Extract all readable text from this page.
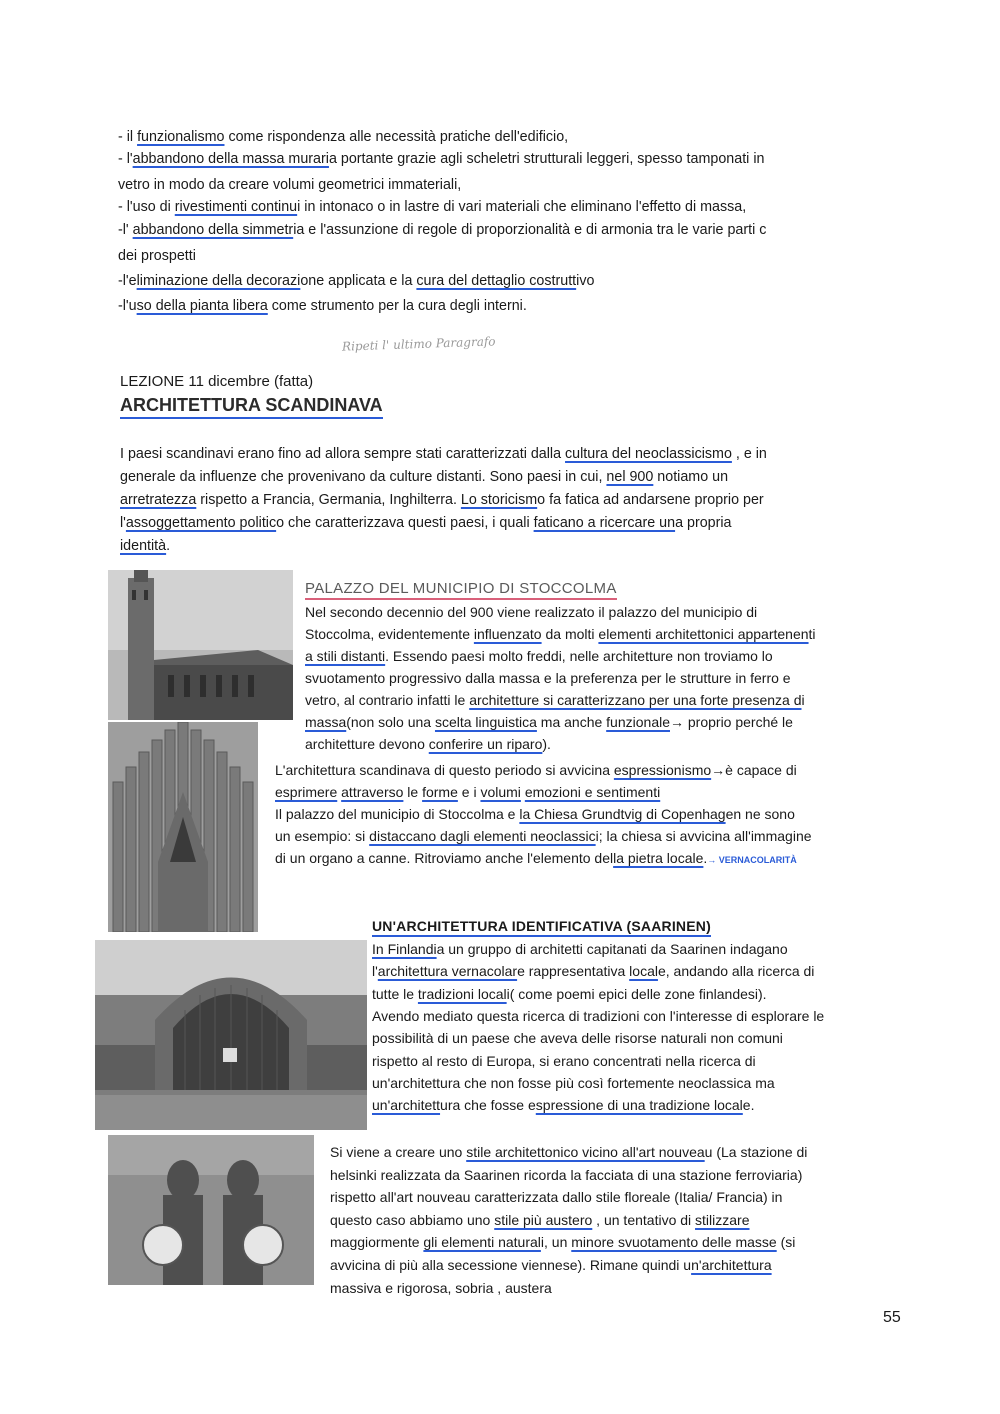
- il funzionalismo come rispondenza alle necessità pratiche dell'edificio,
- l'abbandono della massa muraria portante grazie agli scheletri strutturali leggeri, spesso tamponati in
vetro in modo da creare volumi geometrici immateriali,
- l'uso di rivestimenti continui in intonaco o in lastre di vari materiali che eliminano l'effetto di massa,
-l' abbandono della simmetria e l'assunzione di regole di proporzionalità e di armonia tra le varie parti c
dei prospetti
-l'eliminazione della decorazione applicata e la cura del dettaglio costruttivo
-l'uso della pianta libera come strumento per la cura degli interni.
Ripeti l' ultimo Paragrafo
LEZIONE 11 dicembre (fatta)
ARCHITETTURA SCANDINAVA
I paesi scandinavi erano fino ad allora sempre stati caratterizzati dalla cultura del neoclassicismo , e in
generale da influenze che provenivano da culture distanti. Sono paesi in cui, nel 900 notiamo un
arretratezza rispetto a Francia, Germania, Inghilterra. Lo storicismo fa fatica ad andarsene proprio per
l'assoggettamento politico che caratterizzava questi paesi, i quali faticano a ricercare una propria
identità.
PALAZZO DEL MUNICIPIO DI STOCCOLMA
Nel secondo decennio del 900 viene realizzato il palazzo del municipio di
Stoccolma, evidentemente influenzato da molti elementi architettonici appartenenti
a stili distanti. Essendo paesi molto freddi, nelle architetture non troviamo lo
svuotamento progressivo dalla massa e la preferenza per le strutture in ferro e
vetro, al contrario infatti le architetture si caratterizzano per una forte presenza di
massa(non solo una scelta linguistica ma anche funzionale→ proprio perché le
architetture devono conferire un riparo).
L'architettura scandinava di questo periodo si avvicina espressionismo→è capace di
esprimere attraverso le forme e i volumi emozioni e sentimenti
Il palazzo del municipio di Stoccolma e la Chiesa Grundtvig di Copenhagen ne sono
un esempio: si distaccano dagli elementi neoclassici; la chiesa si avvicina all'immagine
di un organo a canne. Ritroviamo anche l'elemento della pietra locale.→ VERNACOLARITÀ
UN'ARCHITETTURA IDENTIFICATIVA (SAARINEN)
In Finlandia un gruppo di architetti capitanati da Saarinen indagano
l'architettura vernacolare rappresentativa locale, andando alla ricerca di
tutte le tradizioni locali( come poemi epici delle zone finlandesi).
Avendo mediato questa ricerca di tradizioni con l'interesse di esplorare le
possibilità di un paese che aveva delle risorse naturali non comuni
rispetto al resto di Europa, si erano concentrati nella ricerca di
un'architettura che non fosse più così fortemente neoclassica ma
un'architettura che fosse espressione di una tradizione locale.
Si viene a creare uno stile architettonico vicino all'art nouveau (La stazione di
helsinki realizzata da Saarinen ricorda la facciata di una stazione ferroviaria)
rispetto all'art nouveau caratterizzata dallo stile floreale (Italia/ Francia) in
questo caso abbiamo uno stile più austero , un tentativo di stilizzare
maggiormente gli elementi naturali, un minore svuotamento delle masse (si
avvicina di più alla secessione viennese). Rimane quindi un'architettura
massiva e rigorosa, sobria , austera
55
